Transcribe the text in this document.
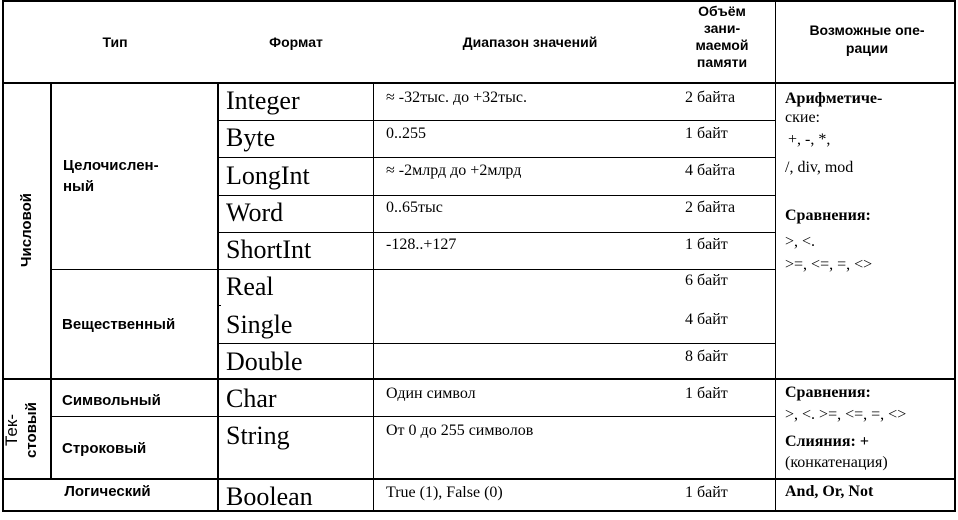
Тип	Формат	Диапазон значений
Объём
зани-
маемой
памяти
Возможные опе-
рации
Числовой
Тек- стовый
Логический
Целочислен-
ный
Вещественный
Символьный
Строковый
Integer
Byte
LongInt
Word
ShortInt
Real
Single
Double
Char
String
Boolean
≈ -32тыс. до +32тыс.
0..255
≈ -2млрд до +2млрд
0..65тыс
-128..+127
Один символ
От 0 до 255 символов
True (1), False (0)
2 байта
1 байт
4 байта
2 байта
1 байт
6 байт
4 байт
8 байт
1 байт
1 байт
Арифметиче-
ские:
+, -, *,
/, div, mod
Сравнения:
>, <.
>=, <=, =, <>
Сравнения:
>, <. >=, <=, =, <>
Слияния: +
(конкатенация)
And, Or, Not
